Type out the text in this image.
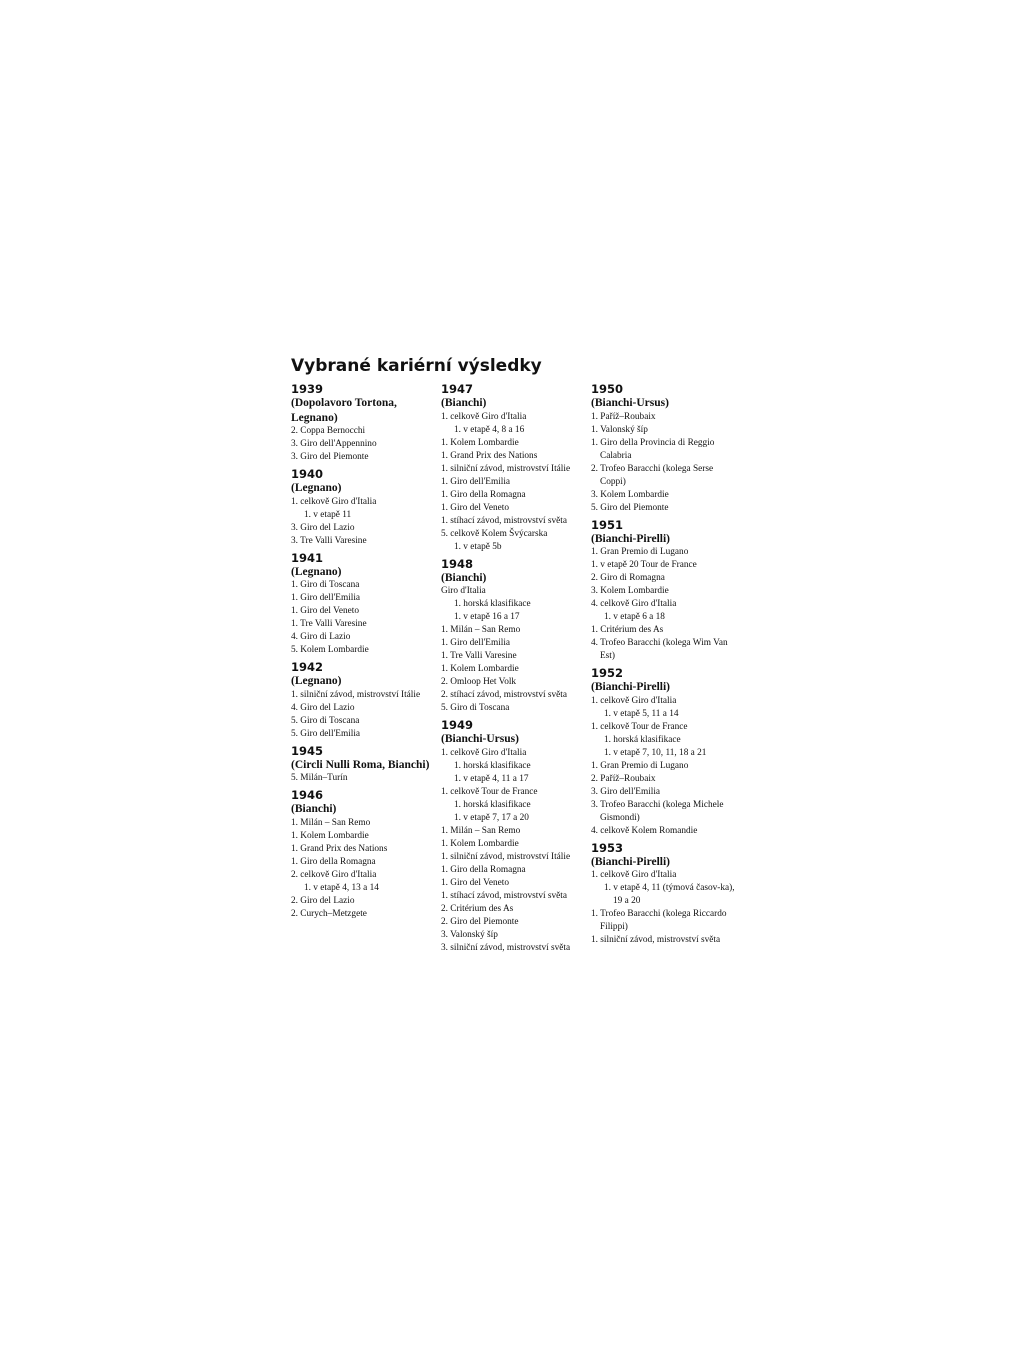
Vybrané kariérní výsledky
1939
(Dopolavoro Tortona, Legnano)
2. Coppa Bernocchi
3. Giro dell'Appennino
3. Giro del Piemonte
1940
(Legnano)
1. celkově Giro d'Italia
1. v etapě 11
3. Giro del Lazio
3. Tre Valli Varesine
1941
(Legnano)
1. Giro di Toscana
1. Giro dell'Emilia
1. Giro del Veneto
1. Tre Valli Varesine
4. Giro di Lazio
5. Kolem Lombardie
1942
(Legnano)
1. silniční závod, mistrovství Itálie
4. Giro del Lazio
5. Giro di Toscana
5. Giro dell'Emilia
1945
(Circli Nulli Roma, Bianchi)
5. Milán–Turín
1946
(Bianchi)
1. Milán – San Remo
1. Kolem Lombardie
1. Grand Prix des Nations
1. Giro della Romagna
2. celkově Giro d'Italia
1. v etapě 4, 13 a 14
2. Giro del Lazio
2. Curych–Metzgete
1947
(Bianchi)
1. celkově Giro d'Italia
1. v etapě 4, 8 a 16
1. Kolem Lombardie
1. Grand Prix des Nations
1. silniční závod, mistrovství Itálie
1. Giro dell'Emilia
1. Giro della Romagna
1. Giro del Veneto
1. stíhací závod, mistrovství světa
5. celkově Kolem Švýcarska
1. v etapě 5b
1948
(Bianchi)
Giro d'Italia
1. horská klasifikace
1. v etapě 16 a 17
1. Milán – San Remo
1. Giro dell'Emilia
1. Tre Valli Varesine
1. Kolem Lombardie
2. Omloop Het Volk
2. stíhací závod, mistrovství světa
5. Giro di Toscana
1949
(Bianchi-Ursus)
1. celkově Giro d'Italia
1. horská klasifikace
1. v etapě 4, 11 a 17
1. celkově Tour de France
1. horská klasifikace
1. v etapě 7, 17 a 20
1. Milán – San Remo
1. Kolem Lombardie
1. silniční závod, mistrovství Itálie
1. Giro della Romagna
1. Giro del Veneto
1. stíhací závod, mistrovství světa
2. Critérium des As
2. Giro del Piemonte
3. Valonský šíp
3. silniční závod, mistrovství světa
1950
(Bianchi-Ursus)
1. Paříž–Roubaix
1. Valonský šíp
1. Giro della Provincia di Reggio Calabria
2. Trofeo Baracchi (kolega Serse Coppi)
3. Kolem Lombardie
5. Giro del Piemonte
1951
(Bianchi-Pirelli)
1. Gran Premio di Lugano
1. v etapě 20 Tour de France
2. Giro di Romagna
3. Kolem Lombardie
4. celkově Giro d'Italia
1. v etapě 6 a 18
1. Critérium des As
4. Trofeo Baracchi (kolega Wim Van Est)
1952
(Bianchi-Pirelli)
1. celkově Giro d'Italia
1. v etapě 5, 11 a 14
1. celkově Tour de France
1. horská klasifikace
1. v etapě 7, 10, 11, 18 a 21
1. Gran Premio di Lugano
2. Paříž–Roubaix
3. Giro dell'Emilia
3. Trofeo Baracchi (kolega Michele Gismondi)
4. celkově Kolem Romandie
1953
(Bianchi-Pirelli)
1. celkově Giro d'Italia
1. v etapě 4, 11 (týmová časov-ka), 19 a 20
1. Trofeo Baracchi (kolega Riccardo Filippi)
1. silniční závod, mistrovství světa
